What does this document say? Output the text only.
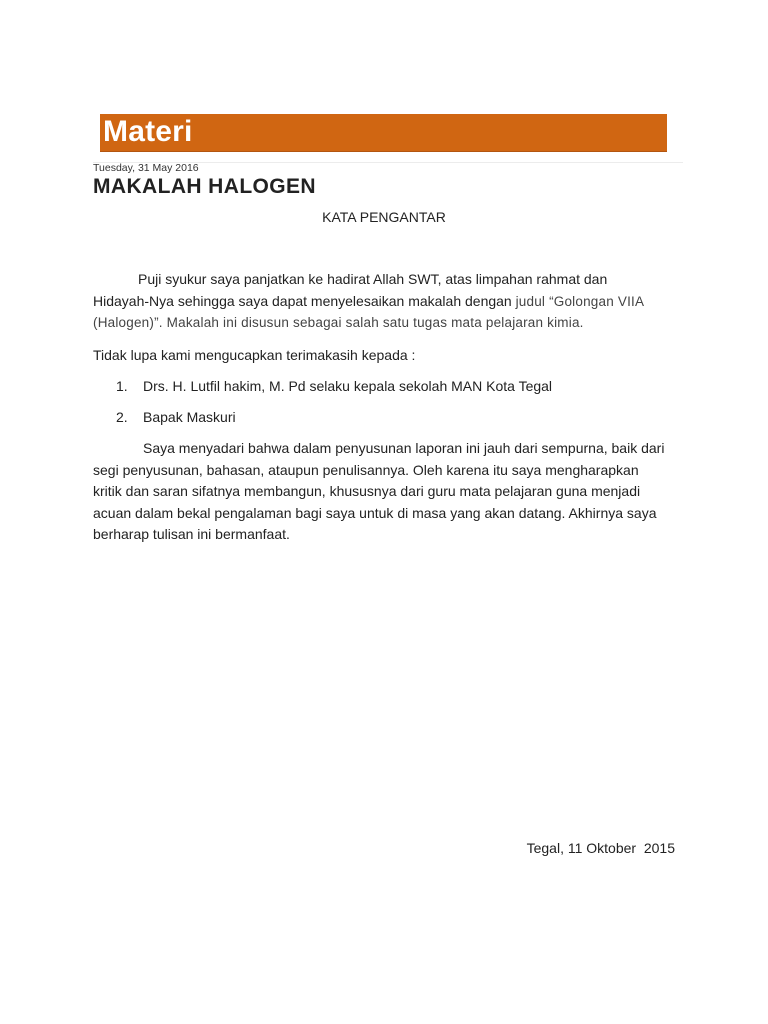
Materi
Tuesday, 31 May 2016
MAKALAH HALOGEN
KATA PENGANTAR
Puji syukur saya panjatkan ke hadirat Allah SWT, atas limpahan rahmat dan
Hidayah-Nya sehingga saya dapat menyelesaikan makalah dengan judul “Golongan VIIA
(Halogen)”. Makalah ini disusun sebagai salah satu tugas mata pelajaran kimia.
Tidak lupa kami mengucapkan terimakasih kepada :
1. Drs. H. Lutfil hakim, M. Pd selaku kepala sekolah MAN Kota Tegal
2. Bapak Maskuri
Saya menyadari bahwa dalam penyusunan laporan ini jauh dari sempurna, baik dari
segi penyusunan, bahasan, ataupun penulisannya. Oleh karena itu saya mengharapkan
kritik dan saran sifatnya membangun, khususnya dari guru mata pelajaran guna menjadi
acuan dalam bekal pengalaman bagi saya untuk di masa yang akan datang. Akhirnya saya
berharap tulisan ini bermanfaat.
Tegal, 11 Oktober  2015
